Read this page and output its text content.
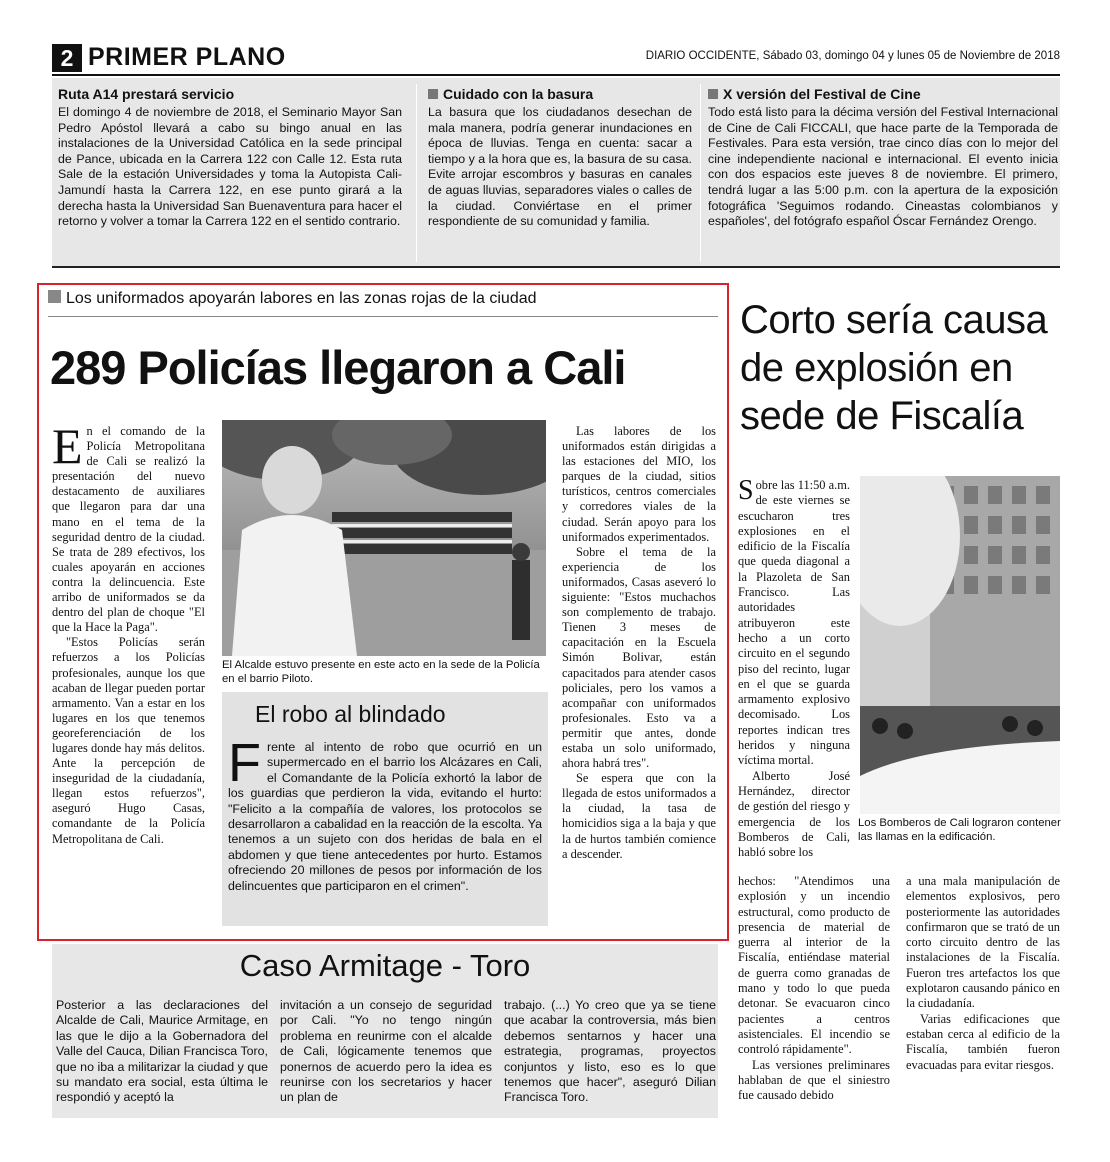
2 PRIMER PLANO	DIARIO OCCIDENTE, Sábado 03, domingo 04 y lunes 05 de Noviembre de 2018
Ruta A14 prestará servicio

El domingo 4 de noviembre de 2018, el Seminario Mayor San Pedro Apóstol llevará a cabo su bingo anual en las instalaciones de la Universidad Católica en la sede principal de Pance, ubicada en la Carrera 122 con Calle 12. Esta ruta Sale de la estación Universidades y toma la Autopista Cali-Jamundí hasta la Carrera 122, en ese punto girará a la derecha hasta la Universidad San Buenaventura para hacer el retorno y volver a tomar la Carrera 122 en el sentido contrario.

Cuidado con la basura

La basura que los ciudadanos desechan de mala manera, podría generar inundaciones en época de lluvias. Tenga en cuenta: sacar a tiempo y a la hora que es, la basura de su casa. Evite arrojar escombros y basuras en canales de aguas lluvias, separadores viales o calles de la ciudad. Conviértase en el primer respondiente de su comunidad y familia.

X versión del Festival de Cine

Todo está listo para la décima versión del Festival Internacional de Cine de Cali FICCALI, que hace parte de la Temporada de Festivales. Para esta versión, trae cinco días con lo mejor del cine independiente nacional e internacional. El evento inicia con dos espacios este jueves 8 de noviembre. El primero, tendrá lugar a las 5:00 p.m. con la apertura de la exposición fotográfica 'Seguimos rodando. Cineastas colombianos y españoles', del fotógrafo español Óscar Fernández Orengo.

Los uniformados apoyarán labores en las zonas rojas de la ciudad
289 Policías llegaron a Cali

En el comando de la Policía Metropolitana de Cali se realizó la presentación del nuevo destacamento de auxiliares que llegaron para dar una mano en el tema de la seguridad dentro de la ciudad. Se trata de 289 efectivos, los cuales apoyarán en acciones contra la delincuencia. Este arribo de uniformados se da dentro del plan de choque "El que la Hace la Paga".

"Estos Policías serán refuerzos a los Policías profesionales, aunque los que acaban de llegar pueden portar armamento. Van a estar en los lugares en los que tenemos georeferenciación de los lugares donde hay más delitos. Ante la percepción de inseguridad de la ciudadanía, llegan estos refuerzos", aseguró Hugo Casas, comandante de la Policía Metropolitana de Cali.

El Alcalde estuvo presente en este acto en la sede de la Policía en el barrio Piloto.
El robo al blindado
Frente al intento de robo que ocurrió en un supermercado en el barrio los Alcázares en Cali, el Comandante de la Policía exhortó la labor de los guardias que perdieron la vida, evitando el hurto: "Felicito a la compañía de valores, los protocolos se desarrollaron a cabalidad en la reacción de la escolta. Ya tenemos a un sujeto con dos heridas de bala en el abdomen y que tiene antecedentes por hurto. Estamos ofreciendo 20 millones de pesos por información de los delincuentes que participaron en el crimen".

Las labores de los uniformados están dirigidas a las estaciones del MIO, los parques de la ciudad, sitios turísticos, centros comerciales y corredores viales de la ciudad. Serán apoyo para los uniformados experimentados.

Sobre el tema de la experiencia de los uniformados, Casas aseveró lo siguiente: "Estos muchachos son complemento de trabajo. Tienen 3 meses de capacitación en la Escuela Simón Bolivar, están capacitados para atender casos policiales, pero los vamos a acompañar con uniformados profesionales. Esto va a permitir que antes, donde estaba un solo uniformado, ahora habrá tres".

Se espera que con la llegada de estos uniformados a la ciudad, la tasa de homicidios siga a la baja y que la de hurtos también comience a descender.

Corto sería causa de explosión en sede de Fiscalía

Sobre las 11:50 a.m. de este viernes se escucharon tres explosiones en el edificio de la Fiscalía que queda diagonal a la Plazoleta de San Francisco. Las autoridades atribuyeron este hecho a un corto circuito en el segundo piso del recinto, lugar en el que se guarda armamento explosivo decomisado. Los reportes indican tres heridos y ninguna víctima mortal.

Alberto José Hernández, director de gestión del riesgo y emergencia de los Bomberos de Cali, habló sobre los

Los Bomberos de Cali lograron contener las llamas en la edificación.

hechos: "Atendimos una explosión y un incendio estructural, como producto de presencia de material de guerra al interior de la Fiscalía, entiéndase material de guerra como granadas de mano y todo lo que pueda detonar. Se evacuaron cinco pacientes a centros asistenciales. El incendio se controló rápidamente".

Las versiones preliminares hablaban de que el siniestro fue causado debido

a una mala manipulación de elementos explosivos, pero posteriormente las autoridades confirmaron que se trató de un corto circuito dentro de las instalaciones de la Fiscalía. Fueron tres artefactos los que explotaron causando pánico en la ciudadanía.

Varias edificaciones que estaban cerca al edificio de la Fiscalía, también fueron evacuadas para evitar riesgos.

Caso Armitage - Toro
Posterior a las declaraciones del Alcalde de Cali, Maurice Armitage, en las que le dijo a la Gobernadora del Valle del Cauca, Dilian Francisca Toro, que no iba a militarizar la ciudad y que su mandato era social, esta última le respondió y aceptó la
invitación a un consejo de seguridad por Cali. "Yo no tengo ningún problema en reunirme con el alcalde de Cali, lógicamente tenemos que ponernos de acuerdo pero la idea es reunirse con los secretarios y hacer un plan de
trabajo. (...) Yo creo que ya se tiene que acabar la controversia, más bien debemos sentarnos y hacer una estrategia, programas, proyectos conjuntos y listo, eso es lo que tenemos que hacer", aseguró Dilian Francisca Toro.
